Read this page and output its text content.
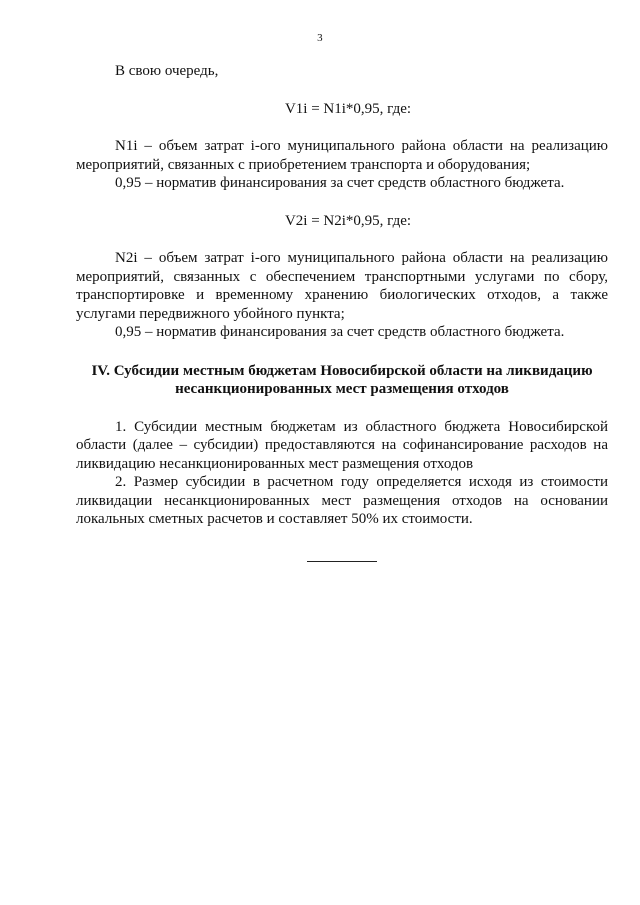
3

В свою очередь,

V1i = N1i*0,95, где:

N1i – объем затрат i-ого муниципального района области на реализацию мероприятий, связанных с приобретением транспорта и оборудования;

0,95 – норматив финансирования за счет средств областного бюджета.

V2i = N2i*0,95, где:

N2i – объем затрат i-ого муниципального района области на реализацию мероприятий, связанных с обеспечением транспортными услугами по сбору, транспортировке и временному хранению биологических отходов, а также услугами передвижного убойного пункта;

0,95 – норматив финансирования за счет средств областного бюджета.

IV. Субсидии местным бюджетам Новосибирской области на ликвидацию
несанкционированных мест размещения отходов

1. Субсидии местным бюджетам из областного бюджета Новосибирской области (далее – субсидии) предоставляются на софинансирование расходов на ликвидацию несанкционированных мест размещения отходов

2. Размер субсидии в расчетном году определяется исходя из стоимости ликвидации несанкционированных мест размещения отходов на основании локальных сметных расчетов и составляет 50% их стоимости.
